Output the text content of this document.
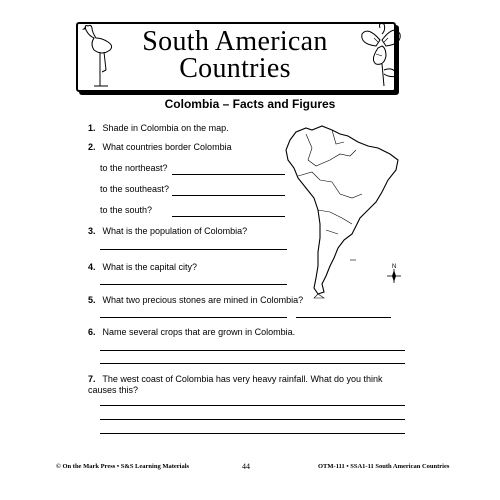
South American
Countries
Colombia – Facts and Figures
1. Shade in Colombia on the map.
2. What countries border Colombia
to the northeast?
to the southeast?
to the south?
3. What is the population of Colombia?
4. What is the capital city?
5. What two precious stones are mined in Colombia?
6. Name several crops that are grown in Colombia.
7. The west coast of Colombia has very heavy rainfall. What do you think causes this?
N
© On the Mark Press • S&S Learning Materials	44	OTM-111 • SSA1-11 South American Countries
